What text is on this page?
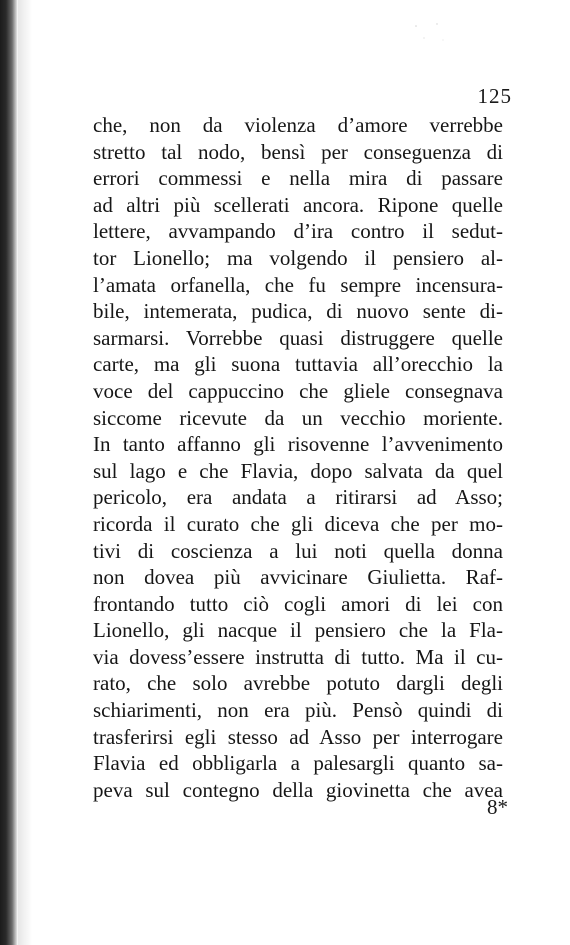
125
che, non da violenza d’amore verrebbe
stretto tal nodo, bensì per conseguenza di
errori commessi e nella mira di passare
ad altri più scellerati ancora. Ripone quelle
lettere, avvampando d’ira contro il sedut-
tor Lionello; ma volgendo il pensiero al-
l’amata orfanella, che fu sempre incensura-
bile, intemerata, pudica, di nuovo sente di-
sarmarsi. Vorrebbe quasi distruggere quelle
carte, ma gli suona tuttavia all’orecchio la
voce del cappuccino che gliele consegnava
siccome ricevute da un vecchio moriente.
In tanto affanno gli risovenne l’avvenimento
sul lago e che Flavia, dopo salvata da quel
pericolo, era andata a ritirarsi ad Asso;
ricorda il curato che gli diceva che per mo-
tivi di coscienza a lui noti quella donna
non dovea più avvicinare Giulietta. Raf-
frontando tutto ciò cogli amori di lei con
Lionello, gli nacque il pensiero che la Fla-
via dovess’essere instrutta di tutto. Ma il cu-
rato, che solo avrebbe potuto dargli degli
schiarimenti, non era più. Pensò quindi di
trasferirsi egli stesso ad Asso per interrogare
Flavia ed obbligarla a palesargli quanto sa-
peva sul contegno della giovinetta che avea
8*
